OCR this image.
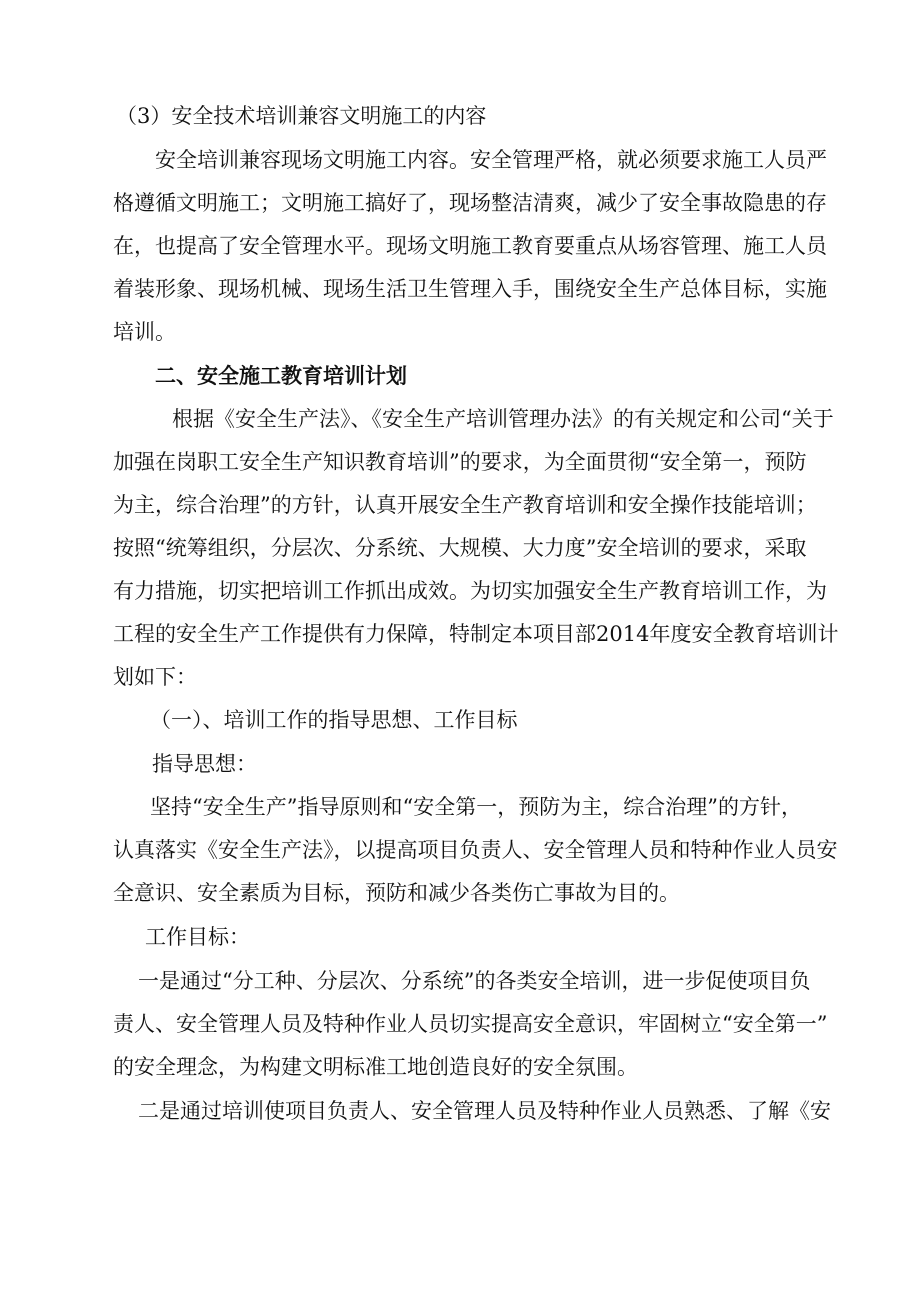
（3）安全技术培训兼容文明施工的内容
安全培训兼容现场文明施工内容。安全管理严格，就必须要求施工人员严
格遵循文明施工；文明施工搞好了，现场整洁清爽，减少了安全事故隐患的存
在，也提高了安全管理水平。现场文明施工教育要重点从场容管理、施工人员
着装形象、现场机械、现场生活卫生管理入手，围绕安全生产总体目标，实施
培训。
二、安全施工教育培训计划
根据《安全生产法》、《安全生产培训管理办法》的有关规定和公司“关于
加强在岗职工安全生产知识教育培训”的要求，为全面贯彻“安全第一，预防
为主，综合治理”的方针，认真开展安全生产教育培训和安全操作技能培训；
按照“统筹组织，分层次、分系统、大规模、大力度”安全培训的要求，采取
有力措施，切实把培训工作抓出成效。为切实加强安全生产教育培训工作，为
工程的安全生产工作提供有力保障，特制定本项目部2014年度安全教育培训计
划如下：
（一）、培训工作的指导思想、工作目标
指导思想：
坚持“安全生产”指导原则和“安全第一，预防为主，综合治理”的方针，
认真落实《安全生产法》，以提高项目负责人、安全管理人员和特种作业人员安
全意识、安全素质为目标，预防和减少各类伤亡事故为目的。
工作目标：
一是通过“分工种、分层次、分系统”的各类安全培训，进一步促使项目负
责人、安全管理人员及特种作业人员切实提高安全意识，牢固树立“安全第一”
的安全理念，为构建文明标准工地创造良好的安全氛围。
二是通过培训使项目负责人、安全管理人员及特种作业人员熟悉、了解《安
